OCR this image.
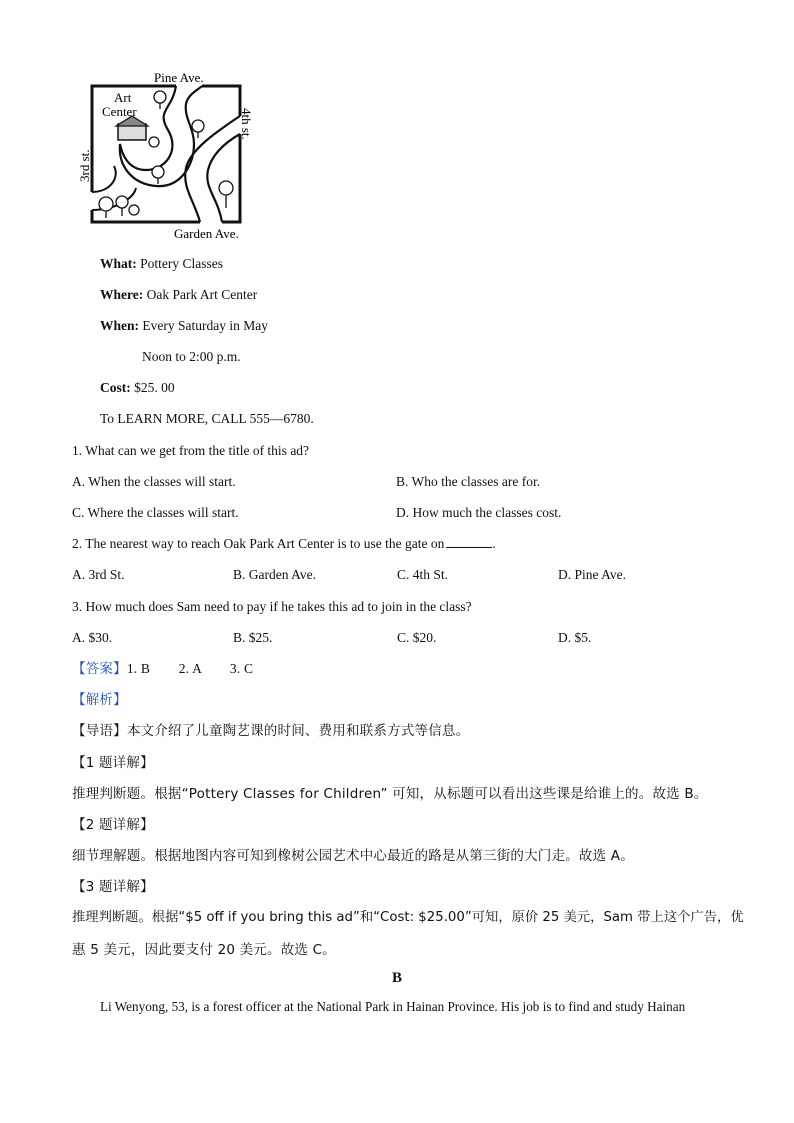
Pine Ave.
Art
Center
3rd st.
4th st.
Garden Ave.
What: Pottery Classes
Where: Oak Park Art Center
When: Every Saturday in May
Noon to 2:00 p.m.
Cost: $25. 00
To LEARN MORE, CALL 555—6780.
1. What can we get from the title of this ad?
A. When the classes will start.	B. Who the classes are for.
C. Where the classes will start.	D. How much the classes cost.
2. The nearest way to reach Oak Park Art Center is to use the gate on	.
A. 3rd St.	B. Garden Ave.	C. 4th St.	D. Pine Ave.
3. How much does Sam need to pay if he takes this ad to join in the class?
A. $30.	B. $25.	C. $20.	D. $5.
【答案】1. B        2. A        3. C
【解析】
【导语】本文介绍了儿童陶艺课的时间、费用和联系方式等信息。
【1 题详解】
推理判断题。根据“Pottery Classes for Children” 可知，从标题可以看出这些课是给谁上的。故选 B。
【2 题详解】
细节理解题。根据地图内容可知到橡树公园艺术中心最近的路是从第三街的大门走。故选 A。
【3 题详解】
推理判断题。根据“$5 off if you bring this ad”和“Cost: $25.00”可知，原价 25 美元，Sam 带上这个广告，优
惠 5 美元，因此要支付 20 美元。故选 C。
B
Li Wenyong, 53, is a forest officer at the National Park in Hainan Province. His job is to find and study Hainan
